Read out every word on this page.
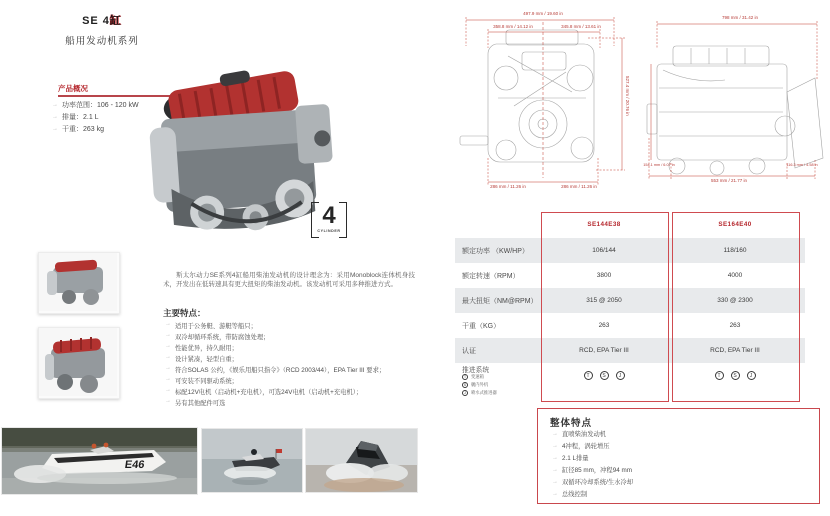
SE 4缸
船用发动机系列
产品概况
→
功率范围：106 - 120 kW
→
排量：2.1 L
→
干重：263 kg
4
CYLINDER

斯太尔动力SE系列4缸船用柴油发动机的设计理念为：采用Monoblock连体机身技术，开发出在低转速具有更大扭矩的柴油发动机。该发动机可采用多种推进方式。

主要特点：
→
适用于公务艇、游艇等船只；
→
双冷却循环系统，带防腐蚀处理；
→
性能优异，持久耐用；
→
设计紧凑，轻型自重；
→
符合SOLAS 公约，《娱乐用船只指令》（RCD 2003/44），EPA Tier III 要求；
→
可安装不同驱动系统；
→
标配12V电机（启动机+充电机），可选24V电机（启动机+充电机）；
→
另有其他配件可选
E46
497.9 mm / 19.60 in
358.8 mm / 14.12 in	345.8 mm / 13.61 in
527.4 mm / 20.76 in
286 mm / 11.26 in	286 mm / 11.26 in
798 mm / 31.42 in
154.1 mm / 6.07 in
553 mm / 21.77 in
116.3 mm / 4.58 in
SE144E38	SE164E40
额定功率 （KW/HP）	106/144	118/160
额定转速（RPM）	3800	4000
最大扭矩（NM@RPM）	315 @ 2050	330 @ 2300
干重（KG）	263	263
认证	RCD, EPA Tier III	RCD, EPA Tier III
推进系统
T	变速箱
S	艉内外机
J	喷水式推进器
T	S	J	T	S	J
整体特点
→
直喷柴油发动机
→
4冲程，涡轮增压
→
2.1 L排量
→
缸径85 mm，冲程94 mm
→
双循环冷却系统/生水冷却
→
总线控制
